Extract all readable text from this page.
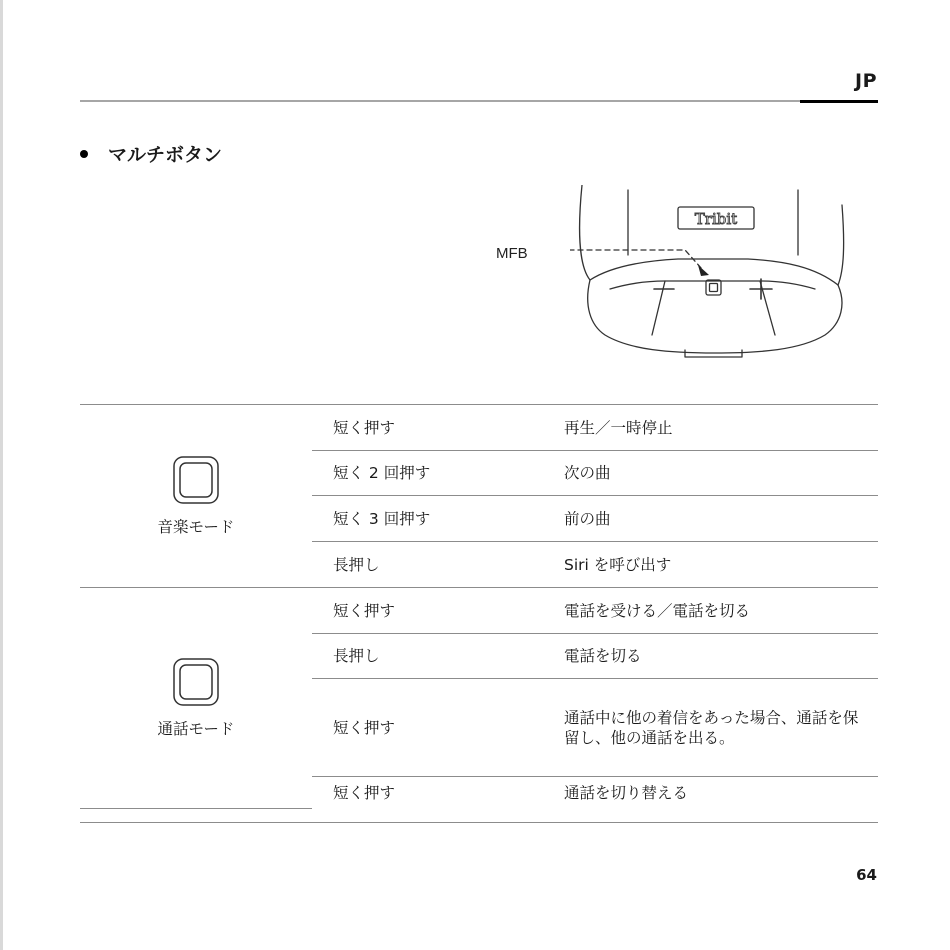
JP
マルチボタン
MFB
Tribit
音楽モード	短く押す	再生／一時停止
	短く 2 回押す	次の曲
	短く 3 回押す	前の曲
	長押し	Siri を呼び出す

通話モード	短く押す	電話を受ける／電話を切る
	長押し	電話を切る
	短く押す	通話中に他の着信をあった場合、通話を保留し、他の通話を出る。
	短く押す	通話を切り替える
64
